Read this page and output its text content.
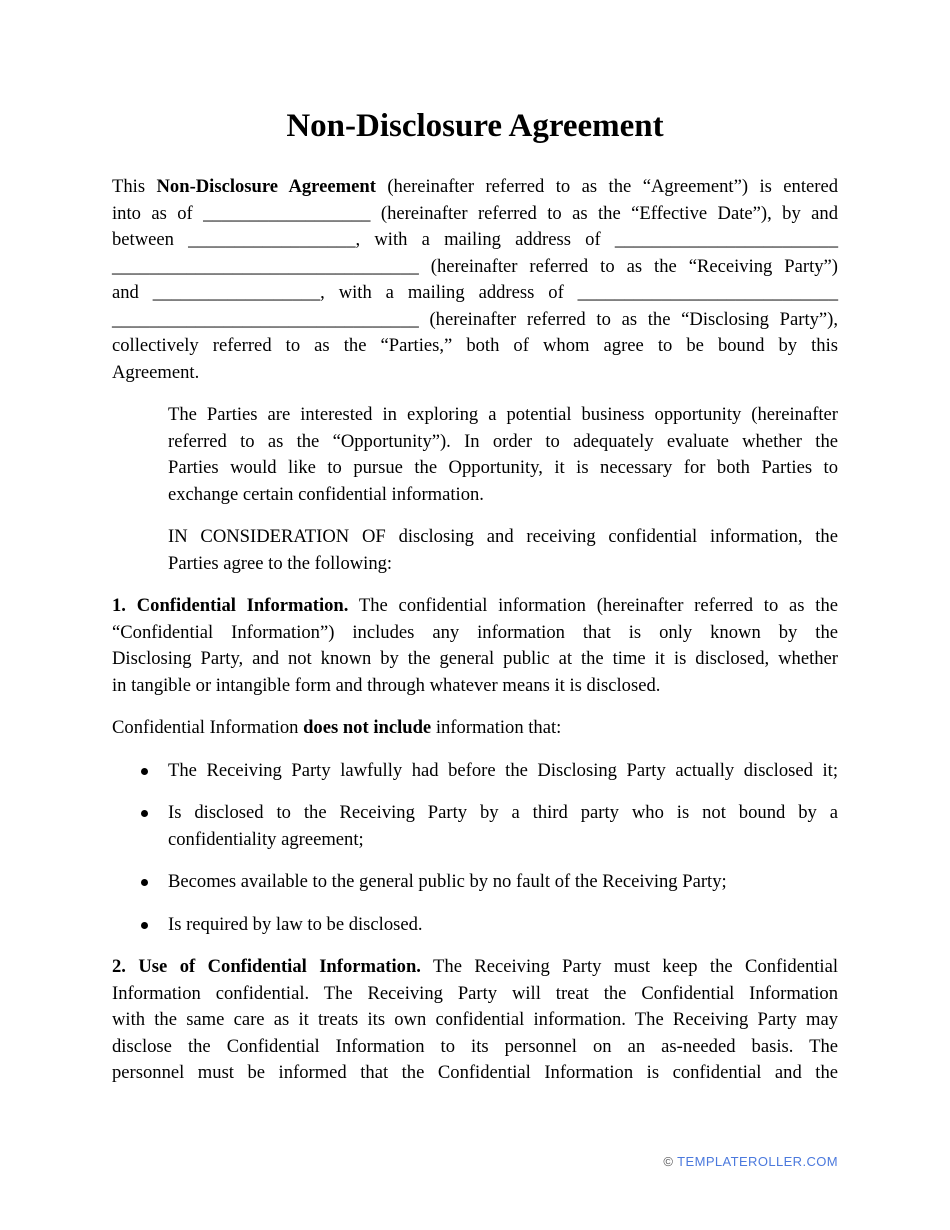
Non-Disclosure Agreement
This Non-Disclosure Agreement (hereinafter referred to as the “Agreement”) is entered
into as of __________________ (hereinafter referred to as the “Effective Date”), by and
between __________________, with a mailing address of ________________________
_________________________________ (hereinafter referred to as the “Receiving Party”)
and __________________, with a mailing address of ____________________________
_________________________________ (hereinafter referred to as the “Disclosing Party”),
collectively referred to as the “Parties,” both of whom agree to be bound by this
Agreement.
The Parties are interested in exploring a potential business opportunity (hereinafter
referred to as the “Opportunity”). In order to adequately evaluate whether the
Parties would like to pursue the Opportunity, it is necessary for both Parties to
exchange certain confidential information.
IN CONSIDERATION OF disclosing and receiving confidential information, the
Parties agree to the following:
1. Confidential Information. The confidential information (hereinafter referred to as the
“Confidential Information”) includes any information that is only known by the
Disclosing Party, and not known by the general public at the time it is disclosed, whether
in tangible or intangible form and through whatever means it is disclosed.
Confidential Information does not include information that:
The Receiving Party lawfully had before the Disclosing Party actually disclosed it;
Is disclosed to the Receiving Party by a third party who is not bound by a
confidentiality agreement;
Becomes available to the general public by no fault of the Receiving Party;
Is required by law to be disclosed.
2. Use of Confidential Information. The Receiving Party must keep the Confidential
Information confidential. The Receiving Party will treat the Confidential Information
with the same care as it treats its own confidential information. The Receiving Party may
disclose the Confidential Information to its personnel on an as-needed basis. The
personnel must be informed that the Confidential Information is confidential and the
© TEMPLATEROLLER.COM
